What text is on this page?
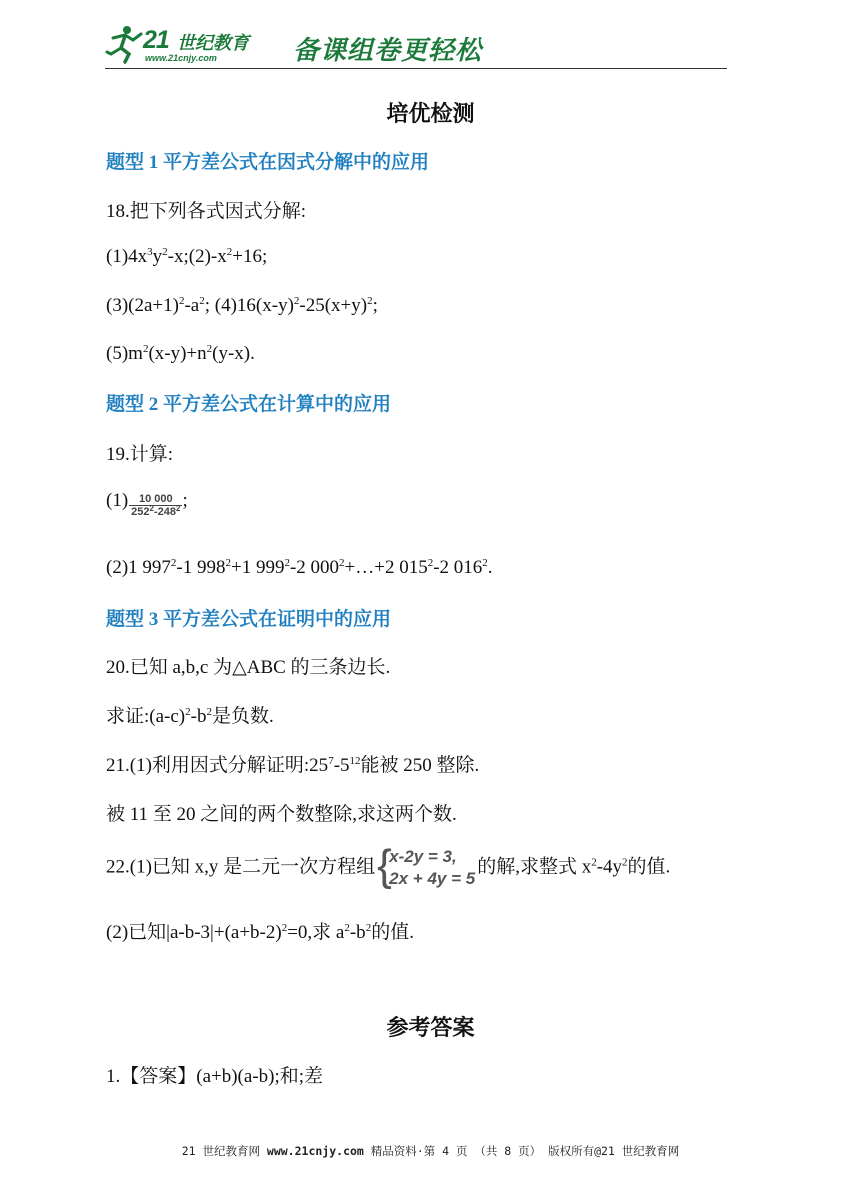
21 世纪教育
www.21cnjy.com	备课组卷更轻松
培优检测
题型 1 平方差公式在因式分解中的应用
18.把下列各式因式分解:
$(1)4x^3y^2-x;(2)-x^2+16$;
$(3)(2a+1)^2-a^2$; $(4)16(x-y)^2-25(x+y)^2$;
$(5)m^2(x-y)+n^2(y-x)$.
题型 2 平方差公式在计算中的应用
19.计算:
$(1) \frac{10 000}{252^2-248^2}$ ;
(2)1 $997^2-1$ $998^2+1$ $999^2-2$ $000^2+\dots+2$ $015^2-2$ $016^2$.
题型 3 平方差公式在证明中的应用
20.已知 a,b,c 为△ABC 的三条边长.
求证$:(a-c)^2-b^2$是负数.
21.(1)利用因式分解证明$:25^7-5^{12}$能被 250 整除.
被 11 至 20 之间的两个数整除,求这两个数.
22.(1)已知 x,y 是二元一次方程组 {
x-2y = 3,
2x + 4y = 5
的解,求整式 $x^2-4y^2$的值.
(2)已知$|a-b-3|+(a+b-2)^2=0$,求 $a^2-b^2$的值.
参考答案
1.【答案】(a+b)(a-b);和;差
21 世纪教育网 www.21cnjy.com 精品资料·第 4 页 （共 8 页） 版权所有@21 世纪教育网
